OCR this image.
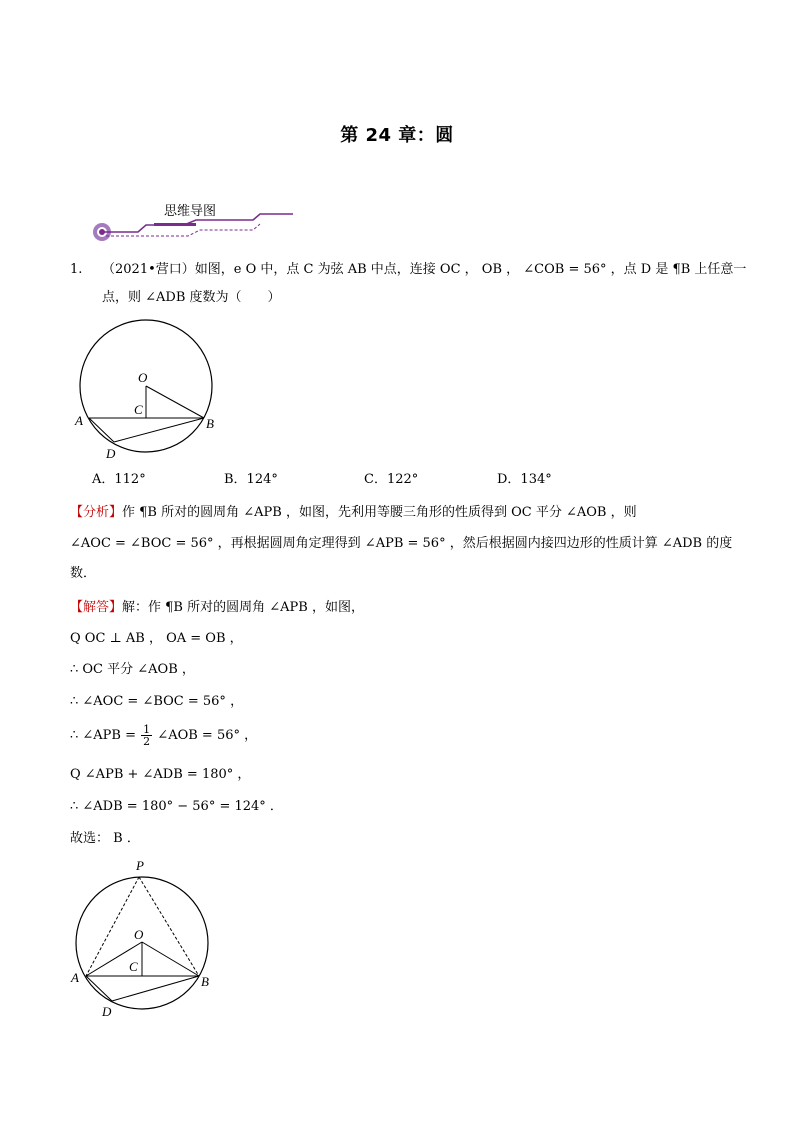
第 24 章：圆
思维导图
1. （2021•营口）如图，e O 中，点 C 为弦 AB 中点，连接 OC ， OB ， ∠COB = 56° ，点 D 是 ¶B 上任意一
点，则 ∠ADB 度数为（　　）
O
C
A	B
D
A．112°	B．124°	C．122°	D．134°
【分析】作 ¶B 所对的圆周角 ∠APB ，如图，先利用等腰三角形的性质得到 OC 平分 ∠AOB ，则
∠AOC = ∠BOC = 56° ，再根据圆周角定理得到 ∠APB = 56° ，然后根据圆内接四边形的性质计算 ∠ADB 的度
数．
【解答】解：作 ¶B 所对的圆周角 ∠APB ，如图，
Q OC ⊥ AB ， OA = OB ，
∴ OC 平分 ∠AOB ，
∴ ∠AOC = ∠BOC = 56° ，
∴ ∠APB = $\frac{1}{2}$ ∠AOB = 56° ，
Q ∠APB + ∠ADB = 180° ，
∴ ∠ADB = 180° − 56° = 124° ．
故选： B ．
P
O
C
A	B
D
